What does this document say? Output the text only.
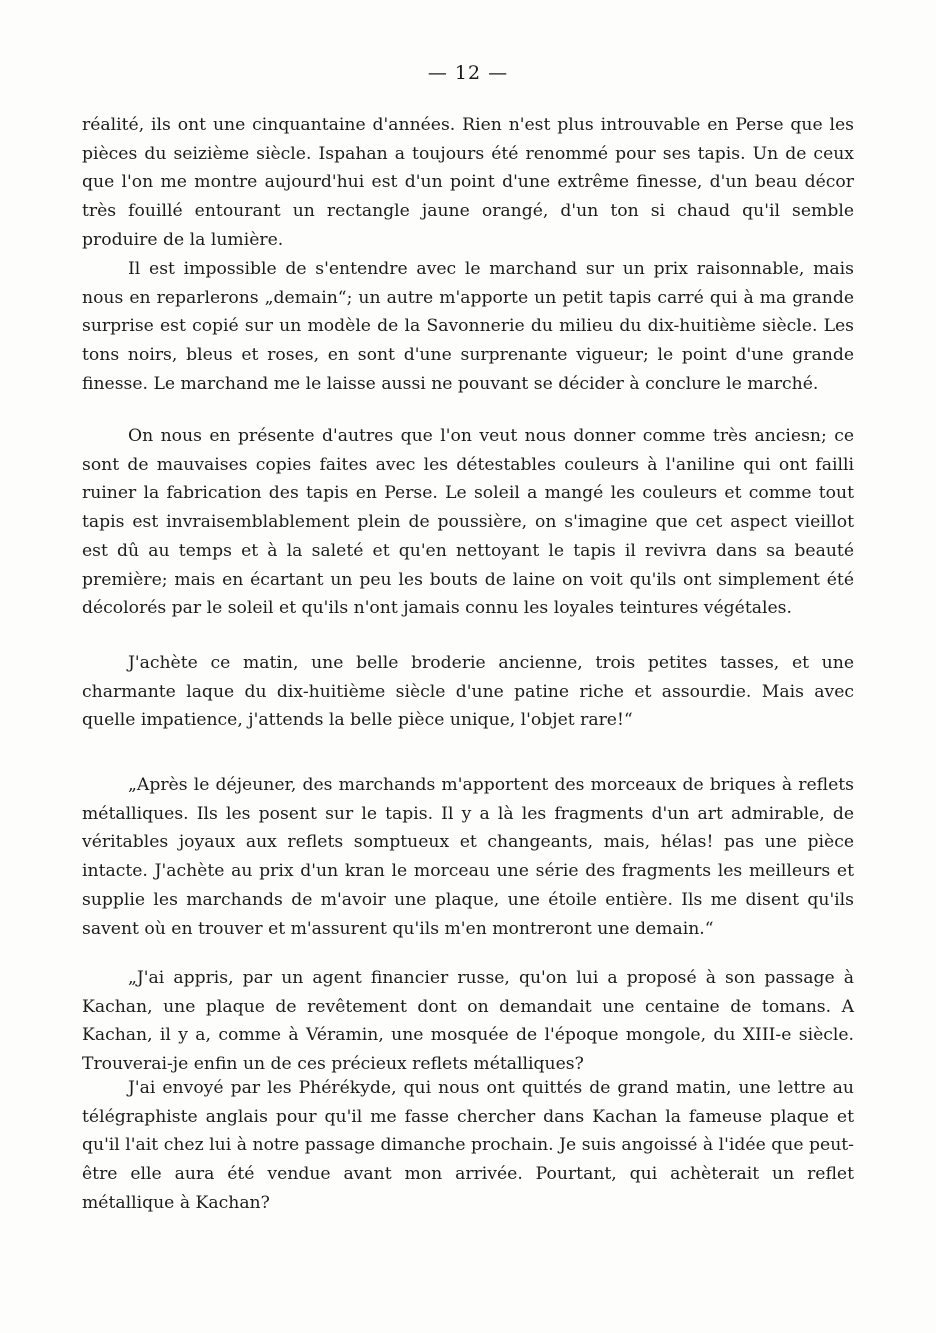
— 12 —

réalité, ils ont une cinquantaine d'années. Rien n'est plus introuvable en Perse que les pièces du seizième siècle. Ispahan a toujours été renommé pour ses tapis. Un de ceux que l'on me montre aujourd'hui est d'un point d'une extrême finesse, d'un beau décor très fouillé entourant un rectangle jaune orangé, d'un ton si chaud qu'il semble produire de la lumière.

Il est impossible de s'entendre avec le marchand sur un prix raisonnable, mais nous en reparlerons „demain“; un autre m'apporte un petit tapis carré qui à ma grande surprise est copié sur un modèle de la Savonnerie du milieu du dix-huitième siècle. Les tons noirs, bleus et roses, en sont d'une surprenante vigueur; le point d'une grande finesse. Le marchand me le laisse aussi ne pouvant se décider à conclure le marché.

On nous en présente d'autres que l'on veut nous donner comme très anciesn; ce sont de mauvaises copies faites avec les détestables couleurs à l'aniline qui ont failli ruiner la fabrication des tapis en Perse. Le soleil a mangé les couleurs et comme tout tapis est invraisemblablement plein de poussière, on s'imagine que cet aspect vieillot est dû au temps et à la saleté et qu'en nettoyant le tapis il revivra dans sa beauté première; mais en écartant un peu les bouts de laine on voit qu'ils ont simplement été décolorés par le soleil et qu'ils n'ont jamais connu les loyales teintures végétales.

J'achète ce matin, une belle broderie ancienne, trois petites tasses, et une charmante laque du dix-huitième siècle d'une patine riche et assourdie. Mais avec quelle impatience, j'attends la belle pièce unique, l'objet rare!“

„Après le déjeuner, des marchands m'apportent des morceaux de briques à reflets métalliques. Ils les posent sur le tapis. Il y a là les fragments d'un art admirable, de véritables joyaux aux reflets somptueux et changeants, mais, hélas! pas une pièce intacte. J'achète au prix d'un kran le morceau une série des fragments les meilleurs et supplie les marchands de m'avoir une plaque, une étoile entière. Ils me disent qu'ils savent où en trouver et m'assurent qu'ils m'en montreront une demain.“

„J'ai appris, par un agent financier russe, qu'on lui a proposé à son passage à Kachan, une plaque de revêtement dont on demandait une centaine de tomans. A Kachan, il y a, comme à Véramin, une mosquée de l'époque mongole, du XIII-e siècle. Trouverai-je enfin un de ces précieux reflets métalliques?

J'ai envoyé par les Phérékyde, qui nous ont quittés de grand matin, une lettre au télégraphiste anglais pour qu'il me fasse chercher dans Kachan la fameuse plaque et qu'il l'ait chez lui à notre passage dimanche prochain. Je suis angoissé à l'idée que peut-être elle aura été vendue avant mon arrivée. Pourtant, qui achèterait un reflet métallique à Kachan?
